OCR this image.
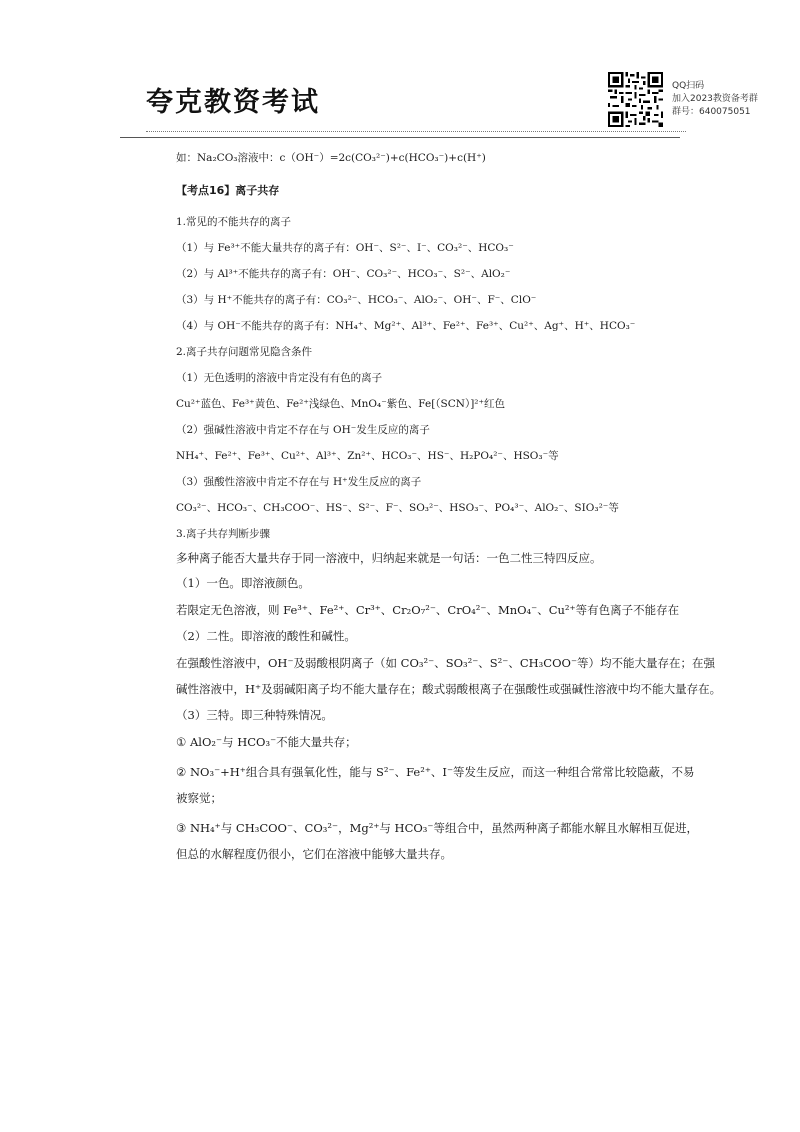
夸克教资考试
QQ扫码
加入2023教资备考群
群号：640075051
如：Na₂CO₃溶液中：c（OH⁻）=2c(CO₃²⁻)+c(HCO₃⁻)+c(H⁺)
【考点16】离子共存
1.常见的不能共存的离子
（1）与 Fe³⁺不能大量共存的离子有：OH⁻、S²⁻、I⁻、CO₃²⁻、HCO₃⁻
（2）与 Al³⁺不能共存的离子有：OH⁻、CO₃²⁻、HCO₃⁻、S²⁻、AlO₂⁻
（3）与 H⁺不能共存的离子有：CO₃²⁻、HCO₃⁻、AlO₂⁻、OH⁻、F⁻、ClO⁻
（4）与 OH⁻不能共存的离子有：NH₄⁺、Mg²⁺、Al³⁺、Fe²⁺、Fe³⁺、Cu²⁺、Ag⁺、H⁺、HCO₃⁻
2.离子共存问题常见隐含条件
（1）无色透明的溶液中肯定没有有色的离子
Cu²⁺蓝色、Fe³⁺黄色、Fe²⁺浅绿色、MnO₄⁻紫色、Fe[（SCN）]²⁺红色
（2）强碱性溶液中肯定不存在与 OH⁻发生反应的离子
NH₄⁺、Fe²⁺、Fe³⁺、Cu²⁺、Al³⁺、Zn²⁺、HCO₃⁻、HS⁻、H₂PO₄²⁻、HSO₃⁻等
（3）强酸性溶液中肯定不存在与 H⁺发生反应的离子
CO₃²⁻、HCO₃⁻、CH₃COO⁻、HS⁻、S²⁻、F⁻、SO₃²⁻、HSO₃⁻、PO₄³⁻、AlO₂⁻、SIO₃²⁻等
3.离子共存判断步骤
多种离子能否大量共存于同一溶液中，归纳起来就是一句话：一色二性三特四反应。
（1）一色。即溶液颜色。
若限定无色溶液，则 Fe³⁺、Fe²⁺、Cr³⁺、Cr₂O₇²⁻、CrO₄²⁻、MnO₄⁻、Cu²⁺等有色离子不能存在
（2）二性。即溶液的酸性和碱性。
在强酸性溶液中，OH⁻及弱酸根阴离子（如 CO₃²⁻、SO₃²⁻、S²⁻、CH₃COO⁻等）均不能大量存在；在强
碱性溶液中，H⁺及弱碱阳离子均不能大量存在；酸式弱酸根离子在强酸性或强碱性溶液中均不能大量存在。
（3）三特。即三种特殊情况。
① AlO₂⁻与 HCO₃⁻不能大量共存；
② NO₃⁻+H⁺组合具有强氧化性，能与 S²⁻、Fe²⁺、I⁻等发生反应，而这一种组合常常比较隐蔽，不易
被察觉；
③ NH₄⁺与 CH₃COO⁻、CO₃²⁻，Mg²⁺与 HCO₃⁻等组合中，虽然两种离子都能水解且水解相互促进，
但总的水解程度仍很小，它们在溶液中能够大量共存。
